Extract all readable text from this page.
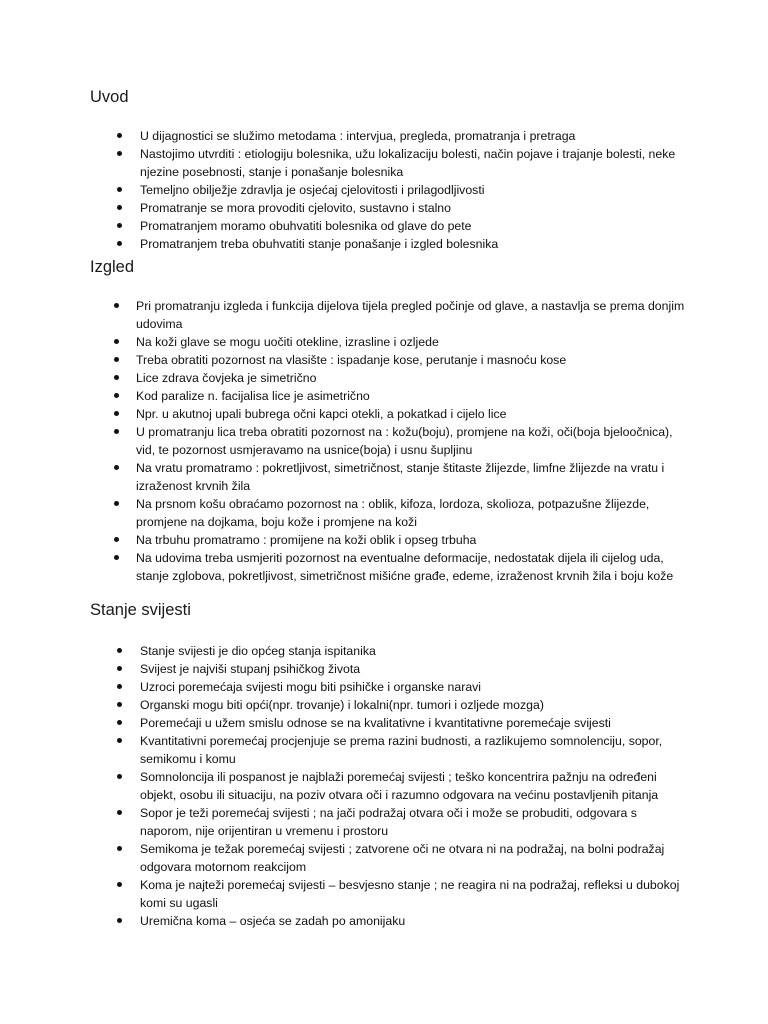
Uvod
U dijagnostici se služimo metodama : intervjua, pregleda, promatranja i pretraga
Nastojimo utvrditi : etiologiju bolesnika, užu lokalizaciju bolesti, način pojave i trajanje bolesti, neke njezine posebnosti, stanje i ponašanje bolesnika
Temeljno obilježje zdravlja je osjećaj cjelovitosti i prilagodljivosti
Promatranje se mora provoditi cjelovito, sustavno i stalno
Promatranjem moramo obuhvatiti bolesnika od glave do pete
Promatranjem treba obuhvatiti stanje ponašanje i izgled bolesnika
Izgled
Pri promatranju izgleda i funkcija dijelova tijela pregled počinje od glave, a nastavlja se prema donjim udovima
Na koži glave se mogu uočiti otekline, izrasline i ozljede
Treba obratiti pozornost na vlasište : ispadanje kose, perutanje i masnoću kose
Lice zdrava čovjeka je simetrično
Kod paralize n. facijalisa lice je asimetrično
Npr. u akutnoj upali bubrega očni kapci otekli, a pokatkad i cijelo lice
U promatranju lica treba obratiti pozornost na : kožu(boju), promjene na koži, oči(boja bjeloočnica), vid, te pozornost usmjeravamo na usnice(boja) i usnu šupljinu
Na vratu promatramo : pokretljivost, simetričnost, stanje štitaste žlijezde, limfne žlijezde na vratu i izraženost krvnih žila
Na prsnom košu obraćamo pozornost na : oblik, kifoza, lordoza, skolioza, potpazušne žlijezde, promjene na dojkama, boju kože i promjene na koži
Na trbuhu promatramo : promijene na koži oblik i opseg trbuha
Na udovima treba usmjeriti pozornost na eventualne deformacije, nedostatak dijela ili cijelog uda, stanje zglobova, pokretljivost, simetričnost mišićne građe, edeme, izraženost krvnih žila i boju kože
Stanje svijesti
Stanje svijesti je dio općeg stanja ispitanika
Svijest je najviši stupanj psihičkog života
Uzroci poremećaja svijesti mogu biti psihičke i organske naravi
Organski mogu biti opći(npr. trovanje) i lokalni(npr. tumori i ozljede mozga)
Poremećaji u užem smislu odnose se na kvalitativne i kvantitativne poremećaje svijesti
Kvantitativni poremećaj procjenjuje se prema razini budnosti, a razlikujemo somnolenciju, sopor, semikomu i komu
Somnoloncija ili pospanost je najblaži poremećaj svijesti ; teško koncentrira pažnju na određeni objekt, osobu ili situaciju, na poziv otvara oči i razumno odgovara na većinu postavljenih pitanja
Sopor je teži poremećaj svijesti ; na jači podražaj otvara oči i može se probuditi, odgovara s naporom, nije orijentiran u vremenu i prostoru
Semikoma je težak poremećaj svijesti ; zatvorene oči ne otvara ni na podražaj, na bolni podražaj odgovara motornom reakcijom
Koma je najteži poremećaj svijesti – besvjesno stanje ; ne reagira ni na podražaj, refleksi u dubokoj komi su ugasli
Uremična koma – osjeća se zadah po amonijaku
